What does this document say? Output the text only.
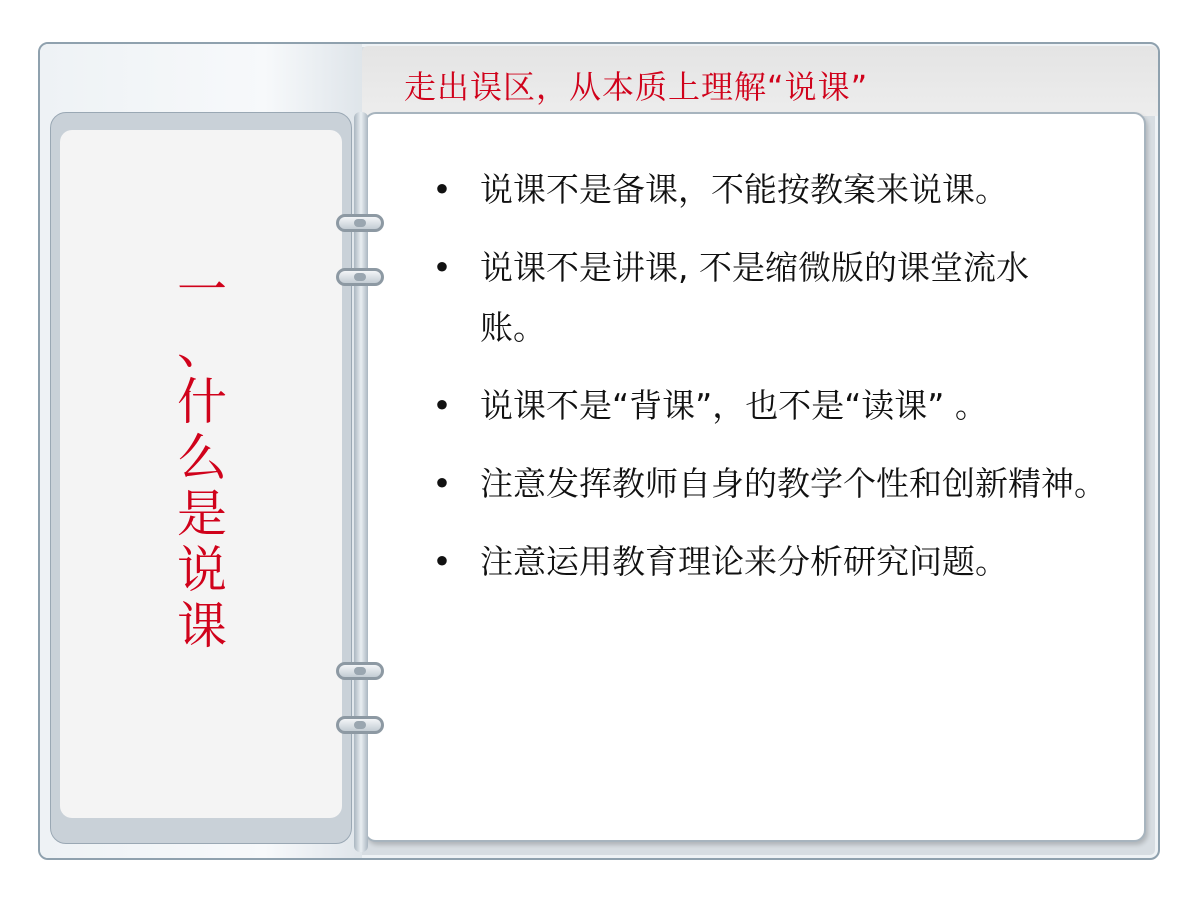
走出误区，从本质上理解“说课”
一
、
什
么
是
说
课
• 说课不是备课，不能按教案来说课。
• 说课不是讲课, 不是缩微版的课堂流水账。
• 说课不是“背课”，也不是“读课” 。
• 注意发挥教师自身的教学个性和创新精神。
• 注意运用教育理论来分析研究问题。
